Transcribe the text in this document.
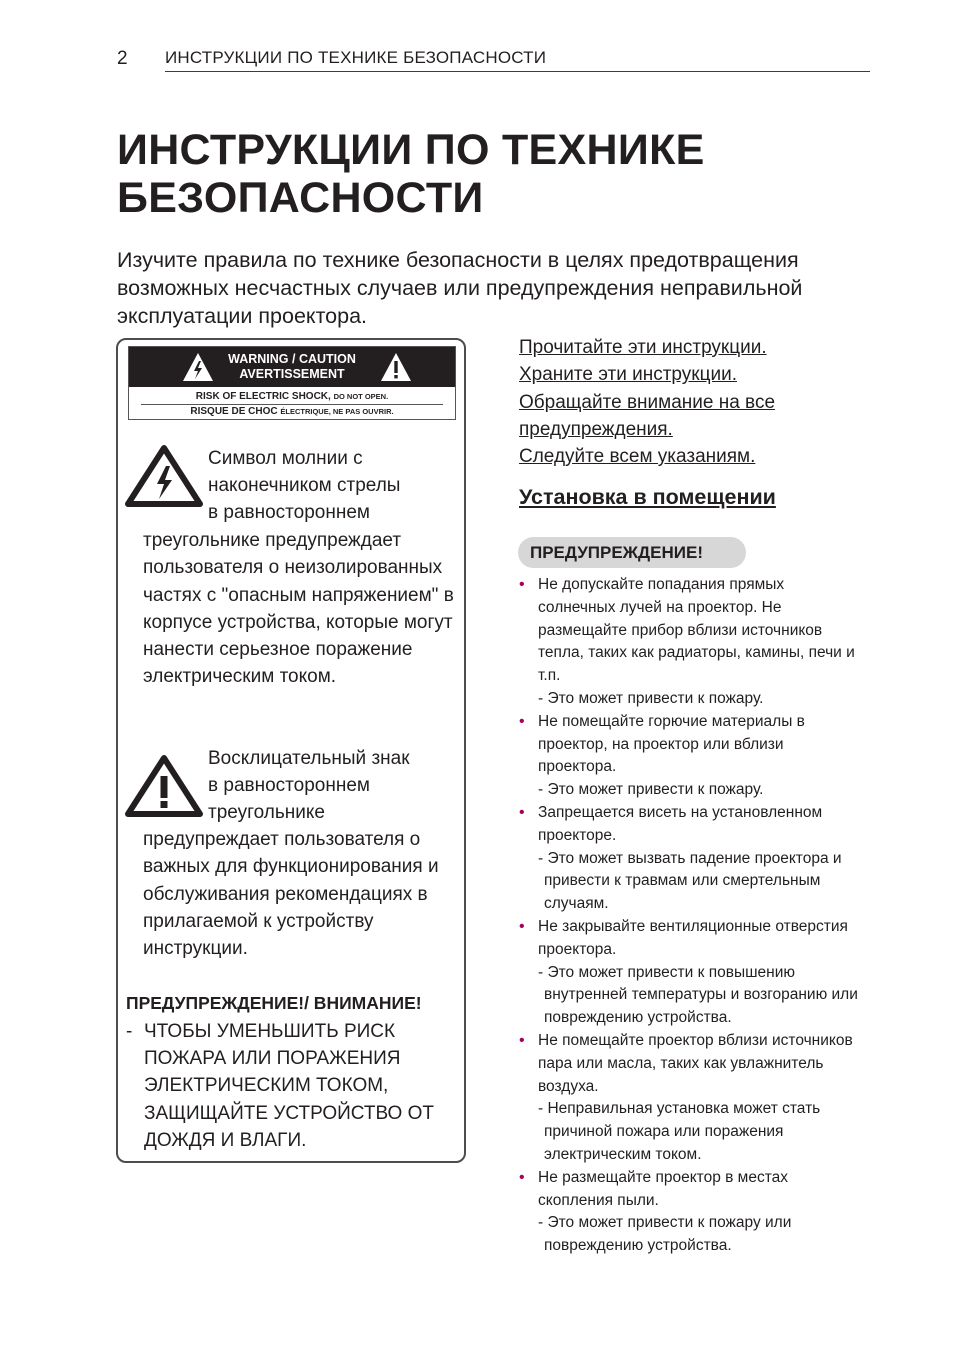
2 ИНСТРУКЦИИ ПО ТЕХНИКЕ БЕЗОПАСНОСТИ
ИНСТРУКЦИИ ПО ТЕХНИКЕ
БЕЗОПАСНОСТИ

Изучите правила по технике безопасности в целях предотвращения возможных несчастных случаев или предупреждения неправильной эксплуатации проектора.

WARNING / CAUTION
AVERTISSEMENT
RISK OF ELECTRIC SHOCK, DO NOT OPEN.
RISQUE DE CHOC ÉLECTRIQUE, NE PAS OUVRIR.

Символ молнии с

наконечником стрелы

в равностороннем

треугольнике предупреждает пользователя о неизолированных частях с "опасным напряжением" в корпусе устройства, которые могут нанести серьезное поражение электрическим током.

Восклицательный знак

в равностороннем

треугольнике

предупреждает пользователя о важных для функционирования и обслуживания рекомендациях в прилагаемой к устройству инструкции.

ПРЕДУПРЕЖДЕНИЕ!/ ВНИМАНИЕ!

- ЧТОБЫ УМЕНЬШИТЬ РИСК ПОЖАРА ИЛИ ПОРАЖЕНИЯ ЭЛЕКТРИЧЕСКИМ ТОКОМ, ЗАЩИЩАЙТЕ УСТРОЙСТВО ОТ ДОЖДЯ И ВЛАГИ.
Прочитайте эти инструкции.
Храните эти инструкции.
Обращайте внимание на все
предупреждения.
Следуйте всем указаниям.
Установка в помещении
ПРЕДУПРЕЖДЕНИЕ!
• Не допускайте попадания прямых солнечных лучей на проектор. Не размещайте прибор вблизи источников тепла, таких как радиаторы, камины, печи и т.п.
- Это может привести к пожару.
• Не помещайте горючие материалы в проектор, на проектор или вблизи проектора.
- Это может привести к пожару.
• Запрещается висеть на установленном проекторе.
- Это может вызвать падение проектора и привести к травмам или смертельным случаям.
• Не закрывайте вентиляционные отверстия проектора.
- Это может привести к повышению внутренней температуры и возгоранию или повреждению устройства.
• Не помещайте проектор вблизи источников пара или масла, таких как увлажнитель воздуха.
- Неправильная установка может стать причиной пожара или поражения электрическим током.
• Не размещайте проектор в местах скопления пыли.
- Это может привести к пожару или повреждению устройства.
